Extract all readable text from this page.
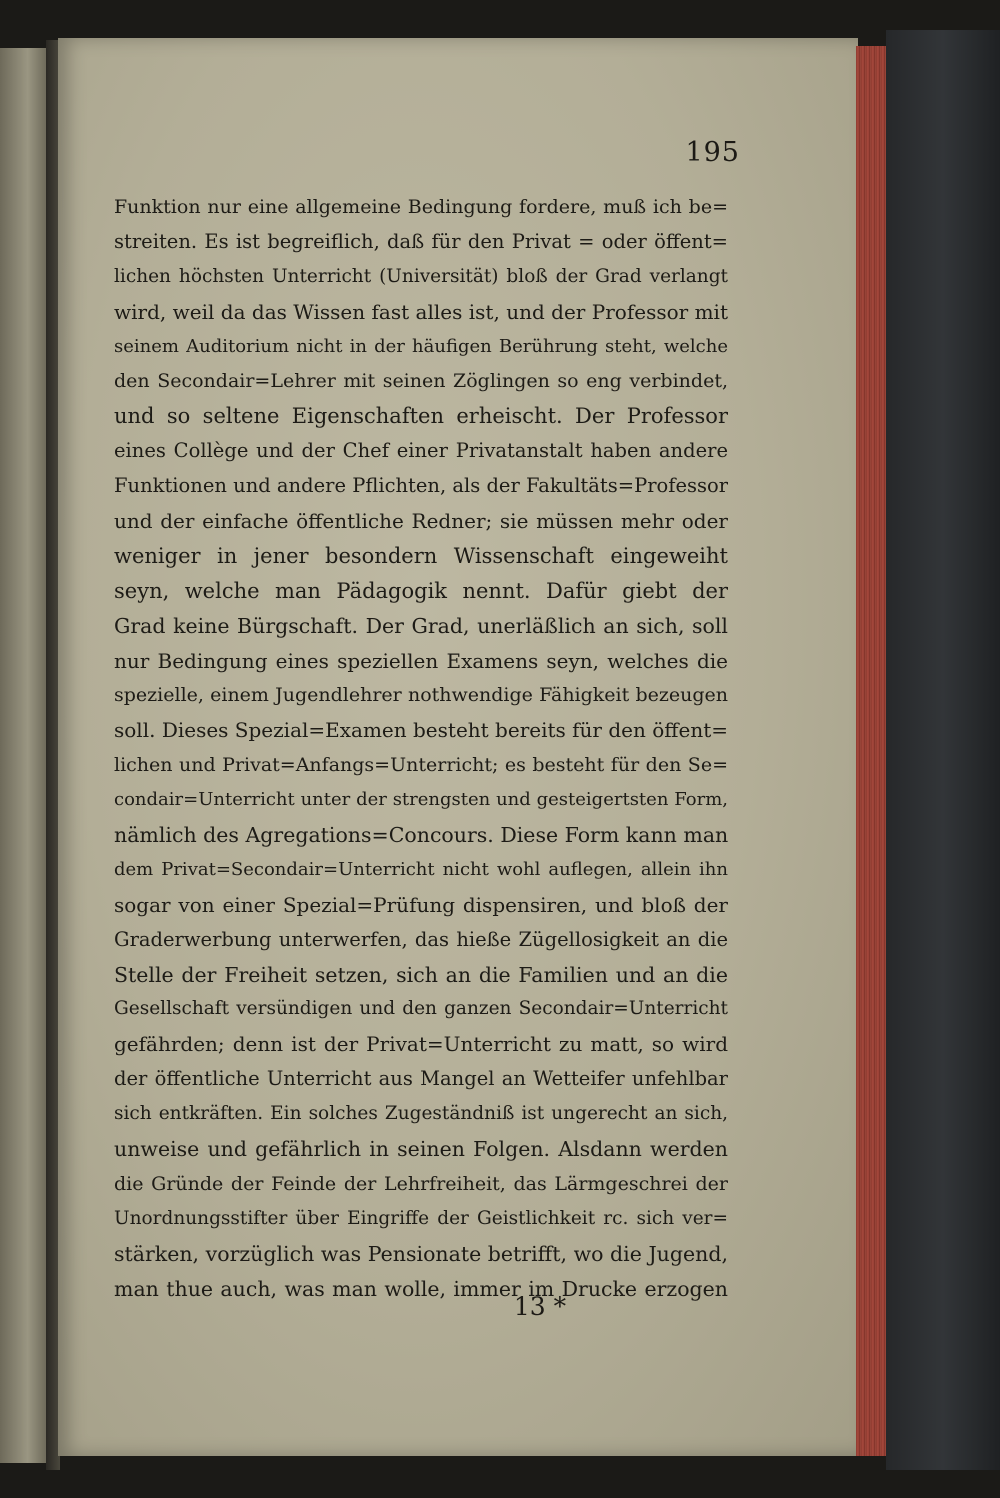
195
Funktion nur eine allgemeine Bedingung fordere, muß ich be=
streiten. Es ist begreiflich, daß für den Privat = oder öffent=
lichen höchsten Unterricht (Universität) bloß der Grad verlangt
wird, weil da das Wissen fast alles ist, und der Professor mit
seinem Auditorium nicht in der häufigen Berührung steht, welche
den Secondair=Lehrer mit seinen Zöglingen so eng verbindet,
und so seltene Eigenschaften erheischt. Der Professor
eines Collège und der Chef einer Privatanstalt haben andere
Funktionen und andere Pflichten, als der Fakultäts=Professor
und der einfache öffentliche Redner; sie müssen mehr oder
weniger in jener besondern Wissenschaft eingeweiht
seyn, welche man Pädagogik nennt. Dafür giebt der
Grad keine Bürgschaft. Der Grad, unerläßlich an sich, soll
nur Bedingung eines speziellen Examens seyn, welches die
spezielle, einem Jugendlehrer nothwendige Fähigkeit bezeugen
soll. Dieses Spezial=Examen besteht bereits für den öffent=
lichen und Privat=Anfangs=Unterricht; es besteht für den Se=
condair=Unterricht unter der strengsten und gesteigertsten Form,
nämlich des Agregations=Concours. Diese Form kann man
dem Privat=Secondair=Unterricht nicht wohl auflegen, allein ihn
sogar von einer Spezial=Prüfung dispensiren, und bloß der
Graderwerbung unterwerfen, das hieße Zügellosigkeit an die
Stelle der Freiheit setzen, sich an die Familien und an die
Gesellschaft versündigen und den ganzen Secondair=Unterricht
gefährden; denn ist der Privat=Unterricht zu matt, so wird
der öffentliche Unterricht aus Mangel an Wetteifer unfehlbar
sich entkräften. Ein solches Zugeständniß ist ungerecht an sich,
unweise und gefährlich in seinen Folgen. Alsdann werden
die Gründe der Feinde der Lehrfreiheit, das Lärmgeschrei der
Unordnungsstifter über Eingriffe der Geistlichkeit rc. sich ver=
stärken, vorzüglich was Pensionate betrifft, wo die Jugend,
man thue auch, was man wolle, immer im Drucke erzogen
13 *
